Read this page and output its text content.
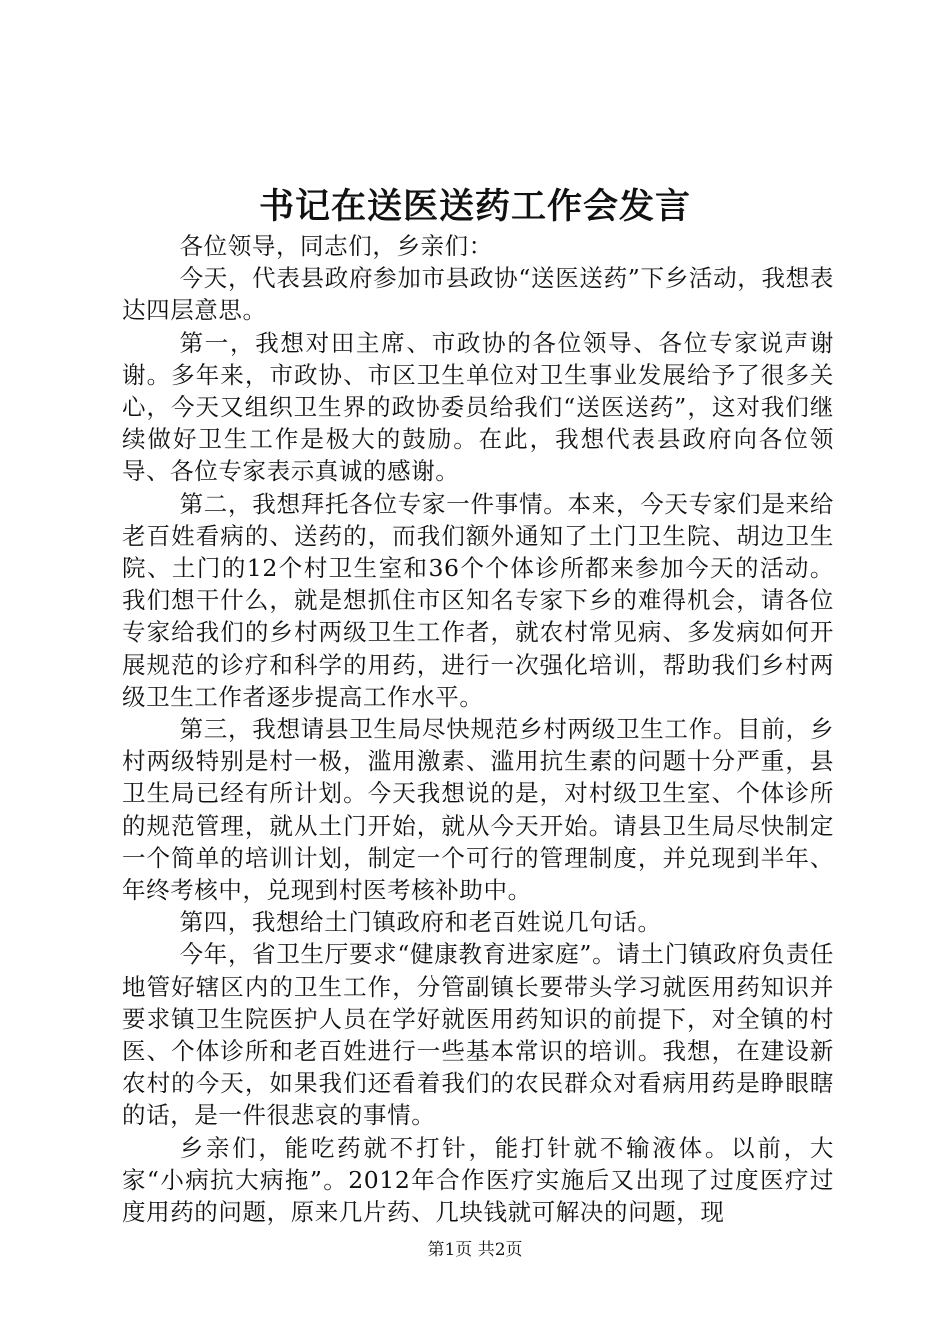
书记在送医送药工作会发言

各位领导，同志们，乡亲们：

今天，代表县政府参加市县政协“送医送药”下乡活动，我想表达四层意思。

第一，我想对田主席、市政协的各位领导、各位专家说声谢谢。多年来，市政协、市区卫生单位对卫生事业发展给予了很多关心，今天又组织卫生界的政协委员给我们“送医送药”，这对我们继续做好卫生工作是极大的鼓励。在此，我想代表县政府向各位领导、各位专家表示真诚的感谢。

第二，我想拜托各位专家一件事情。本来，今天专家们是来给老百姓看病的、送药的，而我们额外通知了土门卫生院、胡边卫生院、土门的12个村卫生室和36个个体诊所都来参加今天的活动。我们想干什么，就是想抓住市区知名专家下乡的难得机会，请各位专家给我们的乡村两级卫生工作者，就农村常见病、多发病如何开展规范的诊疗和科学的用药，进行一次强化培训，帮助我们乡村两级卫生工作者逐步提高工作水平。

第三，我想请县卫生局尽快规范乡村两级卫生工作。目前，乡村两级特别是村一极，滥用激素、滥用抗生素的问题十分严重，县卫生局已经有所计划。今天我想说的是，对村级卫生室、个体诊所的规范管理，就从土门开始，就从今天开始。请县卫生局尽快制定一个简单的培训计划，制定一个可行的管理制度，并兑现到半年、年终考核中，兑现到村医考核补助中。

第四，我想给土门镇政府和老百姓说几句话。

今年，省卫生厅要求“健康教育进家庭”。请土门镇政府负责任地管好辖区内的卫生工作，分管副镇长要带头学习就医用药知识并要求镇卫生院医护人员在学好就医用药知识的前提下，对全镇的村医、个体诊所和老百姓进行一些基本常识的培训。我想，在建设新农村的今天，如果我们还看着我们的农民群众对看病用药是睁眼瞎的话，是一件很悲哀的事情。

乡亲们，能吃药就不打针，能打针就不输液体。以前，大家“小病抗大病拖”。2012年合作医疗实施后又出现了过度医疗过度用药的问题，原来几片药、几块钱就可解决的问题，现

第1页 共2页
